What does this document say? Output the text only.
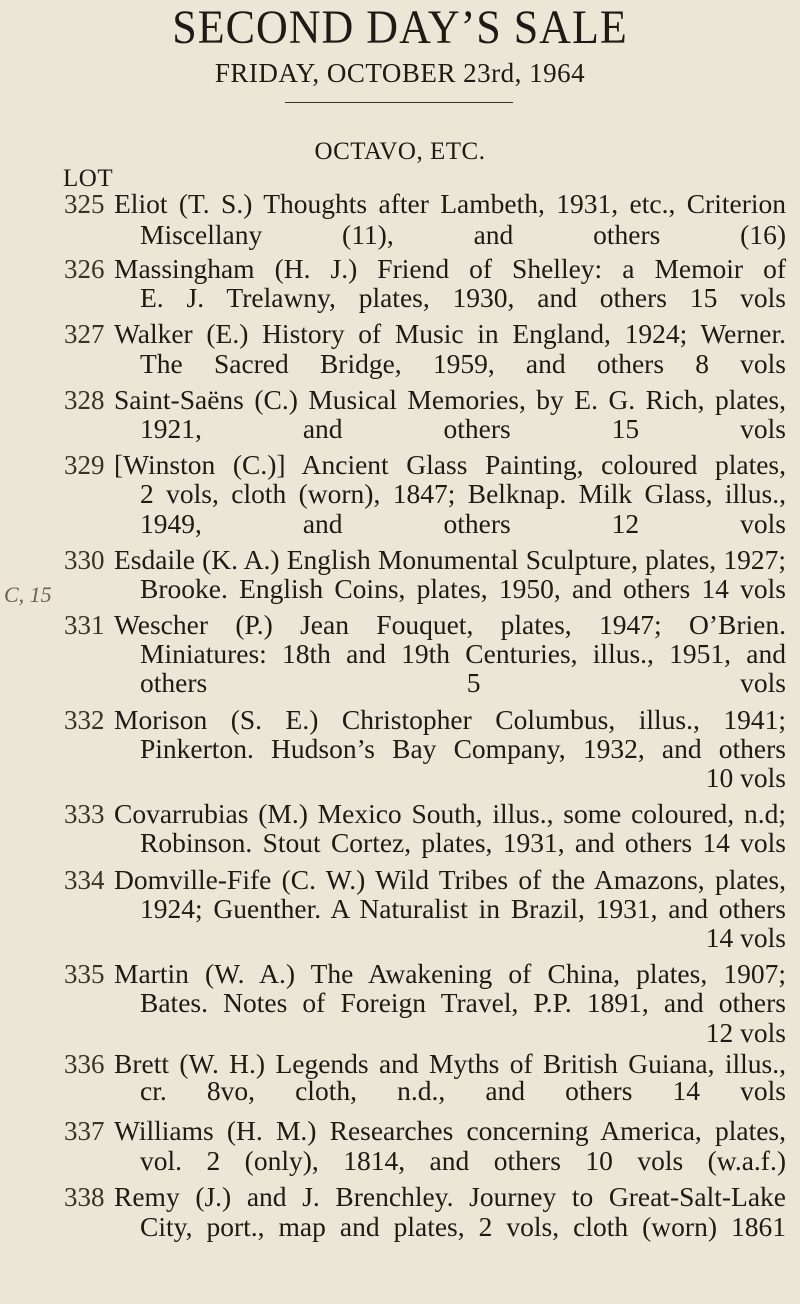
SECOND DAY’S SALE
FRIDAY, OCTOBER 23rd, 1964
OCTAVO, ETC.
LOT
C, 15
325 Eliot (T. S.) Thoughts after Lambeth, 1931, etc., Criterion
Miscellany (11), and others (16)
326 Massingham (H. J.) Friend of Shelley: a Memoir of
E. J. Trelawny, plates, 1930, and others 15 vols
327 Walker (E.) History of Music in England, 1924; Werner.
The Sacred Bridge, 1959, and others 8 vols
328 Saint-Saëns (C.) Musical Memories, by E. G. Rich, plates,
1921, and others 15 vols
329 [Winston (C.)] Ancient Glass Painting, coloured plates,
2 vols, cloth (worn), 1847; Belknap. Milk Glass, illus.,
1949, and others 12 vols
330 Esdaile (K. A.) English Monumental Sculpture, plates, 1927;
Brooke. English Coins, plates, 1950, and others 14 vols
331 Wescher (P.) Jean Fouquet, plates, 1947; O’Brien.
Miniatures: 18th and 19th Centuries, illus., 1951, and
others 5 vols
332 Morison (S. E.) Christopher Columbus, illus., 1941;
Pinkerton. Hudson’s Bay Company, 1932, and others
10 vols
333 Covarrubias (M.) Mexico South, illus., some coloured, n.d;
Robinson. Stout Cortez, plates, 1931, and others 14 vols
334 Domville-Fife (C. W.) Wild Tribes of the Amazons, plates,
1924; Guenther. A Naturalist in Brazil, 1931, and others
14 vols
335 Martin (W. A.) The Awakening of China, plates, 1907;
Bates. Notes of Foreign Travel, P.P. 1891, and others
12 vols
336 Brett (W. H.) Legends and Myths of British Guiana, illus.,
cr. 8vo, cloth, n.d., and others 14 vols
337 Williams (H. M.) Researches concerning America, plates,
vol. 2 (only), 1814, and others 10 vols (w.a.f.)
338 Remy (J.) and J. Brenchley. Journey to Great-Salt-Lake
City, port., map and plates, 2 vols, cloth (worn) 1861
